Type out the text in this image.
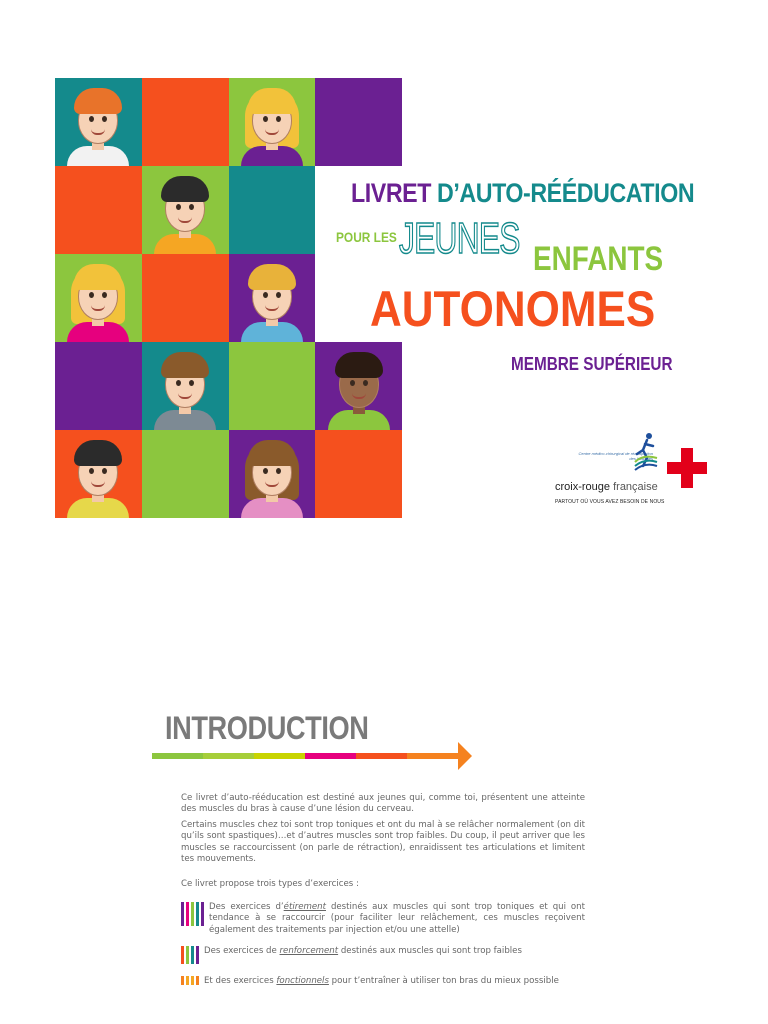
LIVRET D’AUTO-RÉÉDUCATION
POUR LES JEUNES ENFANTS
AUTONOMES
MEMBRE SUPÉRIEUR
Centre médico-chirurgical de réadaptation des Massues
croix-rouge française
PARTOUT OÙ VOUS AVEZ BESOIN DE NOUS
INTRODUCTION

Ce livret d’auto-rééducation est destiné aux jeunes qui, comme toi, présentent une atteinte des muscles du bras à cause d’une lésion du cerveau.

Certains muscles chez toi sont trop toniques et ont du mal à se relâcher normalement (on dit qu’ils sont spastiques)…et d’autres muscles sont trop faibles. Du coup, il peut arriver que les muscles se raccourcissent (on parle de rétraction), enraidissent tes articulations et limitent tes mouvements.

Ce livret propose trois types d’exercices :

Des exercices d’étirement destinés aux muscles qui sont trop toniques et qui ont tendance à se raccourcir (pour faciliter leur relâchement, ces muscles reçoivent également des traitements par injection et/ou une attelle)
Des exercices de renforcement destinés aux muscles qui sont trop faibles
Et des exercices fonctionnels pour t’entraîner à utiliser ton bras du mieux possible
